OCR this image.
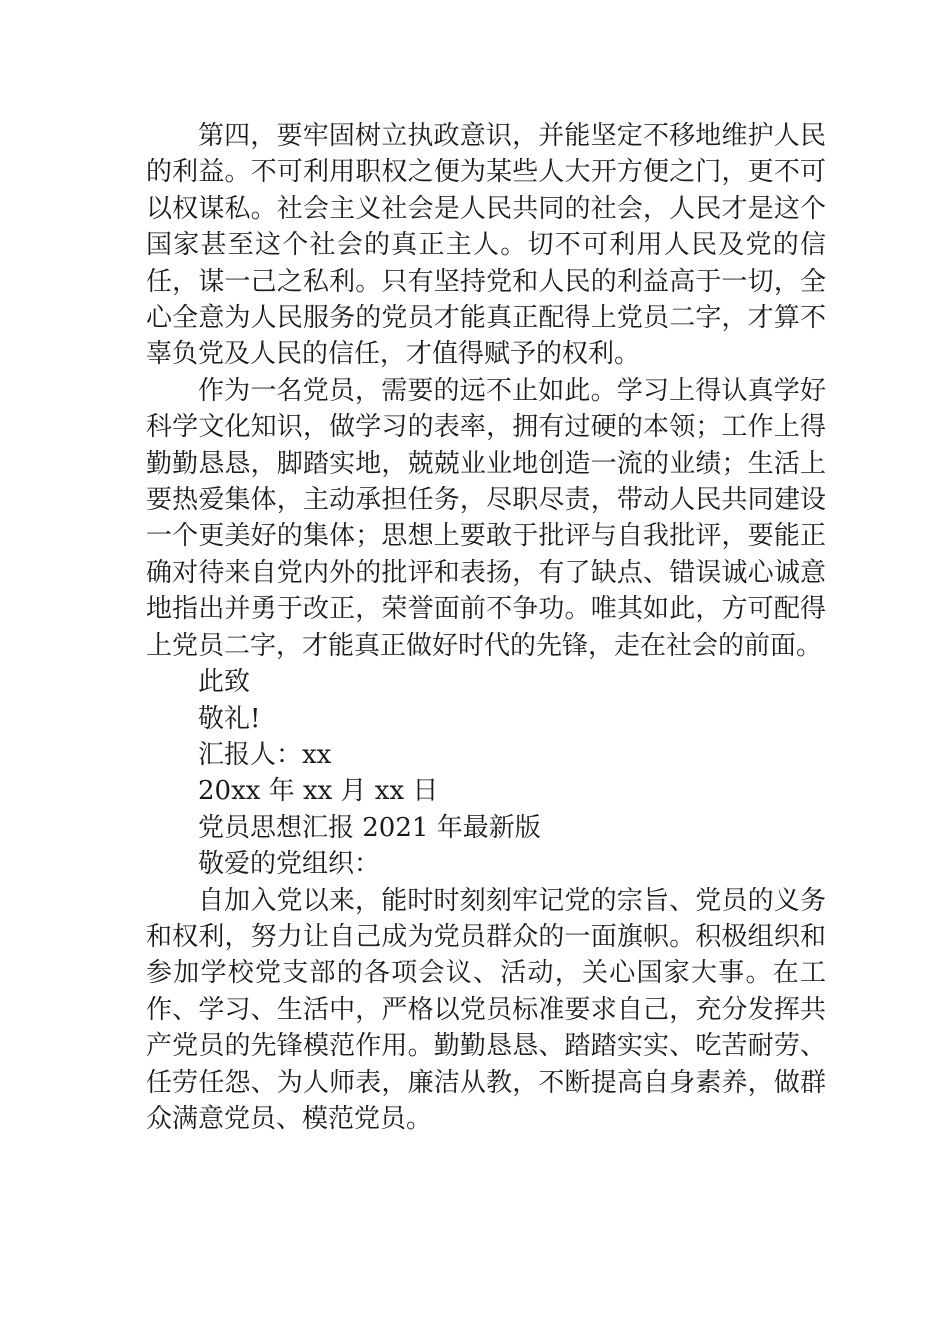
第四，要牢固树立执政意识，并能坚定不移地维护人民的利益。不可利用职权之便为某些人大开方便之门，更不可以权谋私。社会主义社会是人民共同的社会，人民才是这个国家甚至这个社会的真正主人。切不可利用人民及党的信任，谋一己之私利。只有坚持党和人民的利益高于一切，全心全意为人民服务的党员才能真正配得上党员二字，才算不辜负党及人民的信任，才值得赋予的权利。

作为一名党员，需要的远不止如此。学习上得认真学好科学文化知识，做学习的表率，拥有过硬的本领；工作上得勤勤恳恳，脚踏实地，兢兢业业地创造一流的业绩；生活上要热爱集体，主动承担任务，尽职尽责，带动人民共同建设一个更美好的集体；思想上要敢于批评与自我批评，要能正确对待来自党内外的批评和表扬，有了缺点、错误诚心诚意地指出并勇于改正，荣誉面前不争功。唯其如此，方可配得上党员二字，才能真正做好时代的先锋，走在社会的前面。

此致

敬礼!

汇报人：xx

20xx 年 xx 月 xx 日

党员思想汇报 2021 年最新版

敬爱的党组织：

自加入党以来，能时时刻刻牢记党的宗旨、党员的义务和权利，努力让自己成为党员群众的一面旗帜。积极组织和参加学校党支部的各项会议、活动，关心国家大事。在工作、学习、生活中，严格以党员标准要求自己，充分发挥共产党员的先锋模范作用。勤勤恳恳、踏踏实实、吃苦耐劳、任劳任怨、为人师表，廉洁从教，不断提高自身素养，做群众满意党员、模范党员。
